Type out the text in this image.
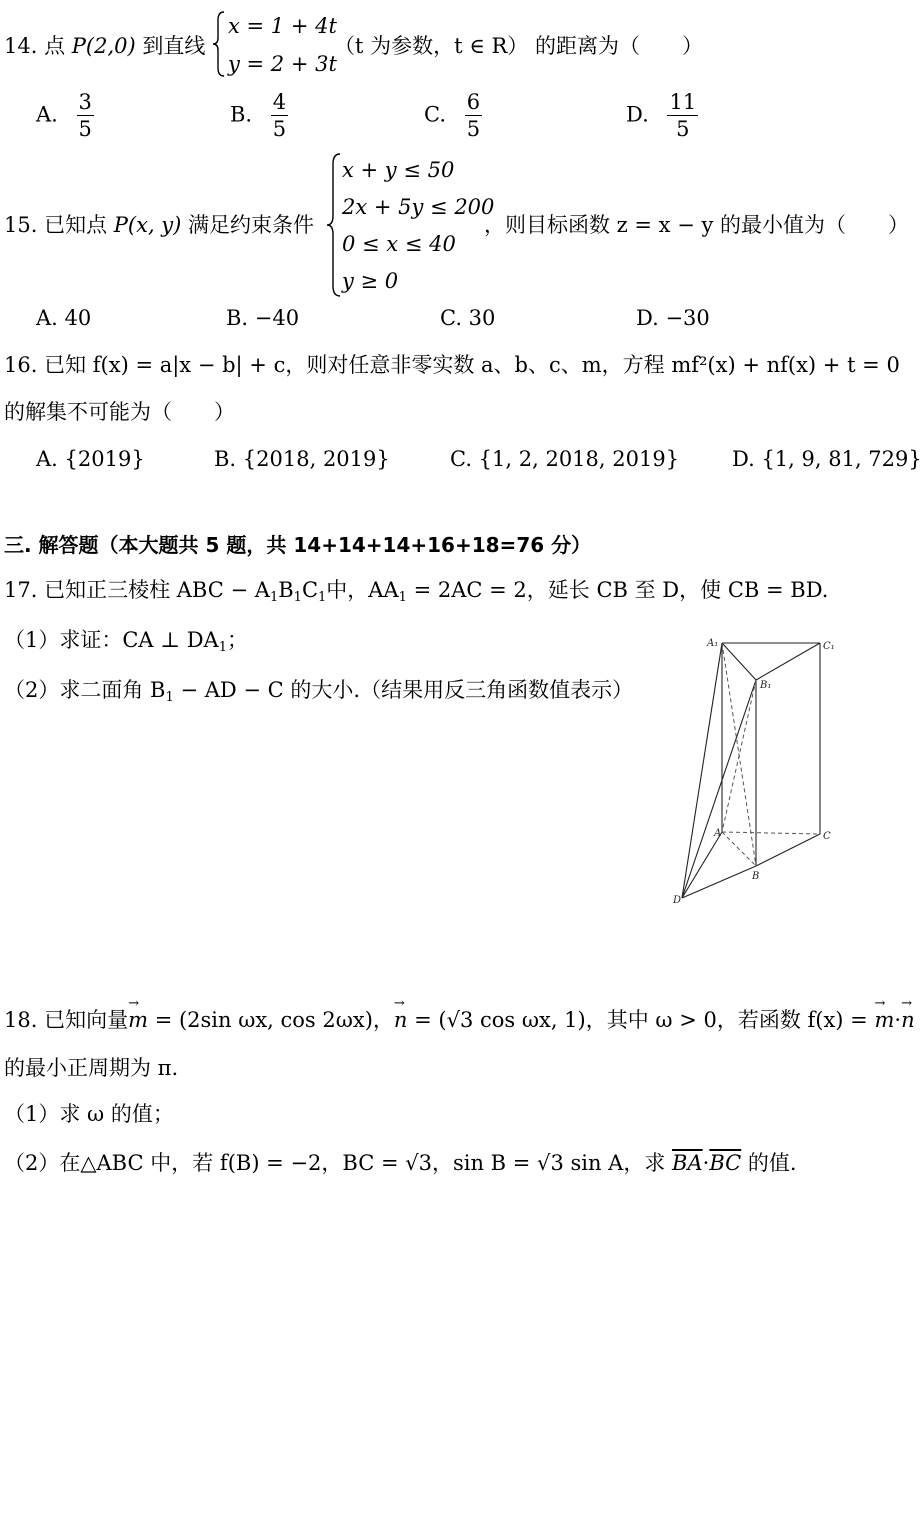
14. 点 P(2,0) 到直线
x = 1 + 4t
y = 2 + 3t
（t 为参数，t ∈ R） 的距离为（　　）
A. $\frac{3}{5}$	B. $\frac{4}{5}$	C. $\frac{6}{5}$	D. $\frac{11}{5}$
15. 已知点 P(x, y) 满足约束条件
x + y ≤ 50
2x + 5y ≤ 200
0 ≤ x ≤ 40
y ≥ 0
，则目标函数 z = x − y 的最小值为（　　）
A. 40	B. −40	C. 30	D. −30
16. 已知 f(x) = a|x − b| + c，则对任意非零实数 a、b、c、m，方程 mf²(x) + nf(x) + t = 0
的解集不可能为（　　）
A. {2019}	B. {2018, 2019}	C. {1, 2, 2018, 2019}	D. {1, 9, 81, 729}
三. 解答题（本大题共 5 题，共 14+14+14+16+18=76 分）
17. 已知正三棱柱 ABC − $A_1B_1C_1$中，$AA_1 = 2AC = 2$，延长 CB 至 D，使 CB = BD.
（1）求证：CA ⊥ $DA_1$；
（2）求二面角 $B_1$ − AD − C 的大小.（结果用反三角函数值表示）
A₁	C₁
B₁
A	C
B
D
18. 已知向量→ m = (2sin ωx, cos 2ωx)，→ n = (√3 cos ωx, 1)，其中 ω > 0，若函数 f(x) = → m·→ n
的最小正周期为 π.
（1）求 ω 的值；
（2）在△ABC 中，若 f(B) = −2，BC = √3，sin B = √3 sin A，求 $\overline{BA}\cdot\overline{BC}$ 的值.
